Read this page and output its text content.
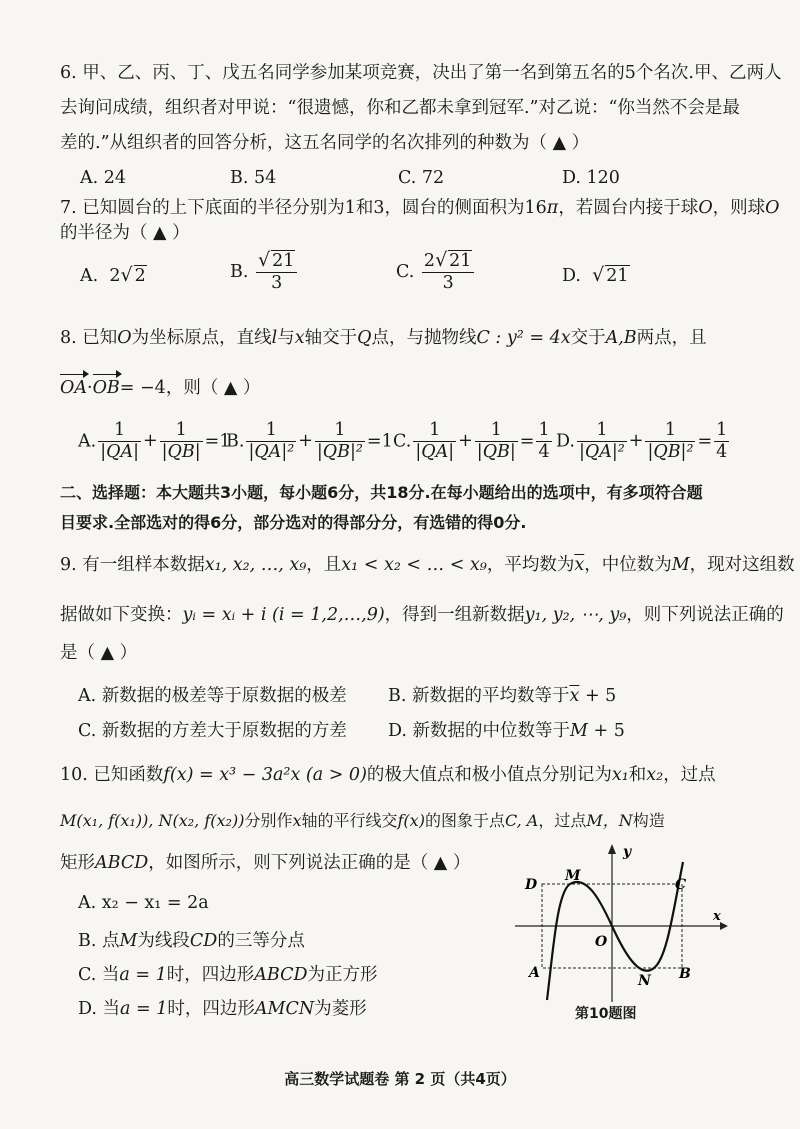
6. 甲、乙、丙、丁、戊五名同学参加某项竞赛，决出了第一名到第五名的5个名次.甲、乙两人
去询问成绩，组织者对甲说：“很遗憾，你和乙都未拿到冠军.”对乙说：“你当然不会是最
差的.”从组织者的回答分析，这五名同学的名次排列的种数为（ ▲ ）
A. 24	B. 54	C. 72	D. 120
7. 已知圆台的上下底面的半径分别为1和3，圆台的侧面积为16π，若圆台内接于球O，则球O
的半径为（ ▲ ）
A. 2√ 2	B. $\frac{√ 21}{3}$	C. $\frac{2√ 21}{3}$	D. √ 21
8. 已知O为坐标原点，直线l与x轴交于Q点，与抛物线C : y² = 4x交于A,B两点，且
OA·OB= −4，则（ ▲ ）
A. $\frac{1}{|QA|} + \frac{1}{|QB|} =1$
B. $\frac{1}{\text{|QA|²}} + \frac{1}{\text{|QB|²}} =1$ C. $\frac{1}{|QA|} + \frac{1}{|QB|} = \frac{1}{4} D$. $\frac{1}{\text{|QA|²}} + \frac{1}{\text{|QB|²}} = \frac{1}{4}$
二、选择题：本大题共3小题，每小题6分，共18分.在每小题给出的选项中，有多项符合题
目要求.全部选对的得6分，部分选对的得部分分，有选错的得0分.
9. 有一组样本数据x₁, x₂, …, x₉，且x₁ < x₂ < … < x₉，平均数为$\overline{x}$，中位数为M，现对这组数
据做如下变换：yᵢ = xᵢ + i (i = 1,2,…,9)，得到一组新数据y₁, y₂, ⋯, y₉，则下列说法正确的
是（ ▲ ）
A. 新数据的极差等于原数据的极差 B. 新数据的平均数等于$\overline{x} + 5$
C. 新数据的方差大于原数据的方差 D. 新数据的中位数等于M + 5
10. 已知函数f(x) = x³ − 3a²x (a > 0)的极大值点和极小值点分别记为x₁和x₂，过点
M(x₁, f(x₁)), N(x₂, f(x₂))分别作x轴的平行线交f(x)的图象于点C, A，过点M，N构造
矩形ABCD，如图所示，则下列说法正确的是（ ▲ ）
A. x₂ − x₁ = 2a
B. 点M为线段CD的三等分点
C. 当a = 1时，四边形ABCD为正方形
D. 当a = 1时，四边形AMCN为菱形
y
x
O
D
M
C
A	N B
第10题图
高三数学试题卷 第 2 页（共4页）
